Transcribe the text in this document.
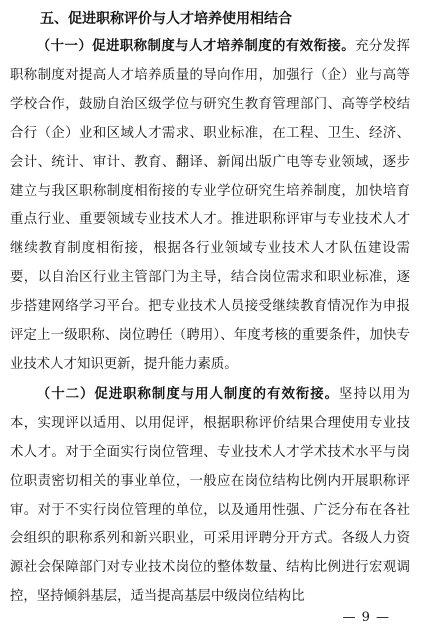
五、促进职称评价与人才培养使用相结合

（十一）促进职称制度与人才培养制度的有效衔接。充分发挥职称制度对提高人才培养质量的导向作用，加强行（企）业与高等学校合作，鼓励自治区级学位与研究生教育管理部门、高等学校结合行（企）业和区域人才需求、职业标准，在工程、卫生、经济、会计、统计、审计、教育、翻译、新闻出版广电等专业领域，逐步建立与我区职称制度相衔接的专业学位研究生培养制度，加快培育重点行业、重要领域专业技术人才。推进职称评审与专业技术人才继续教育制度相衔接，根据各行业领域专业技术人才队伍建设需要，以自治区行业主管部门为主导，结合岗位需求和职业标准，逐步搭建网络学习平台。把专业技术人员接受继续教育情况作为申报评定上一级职称、岗位聘任（聘用）、年度考核的重要条件，加快专业技术人才知识更新，提升能力素质。

（十二）促进职称制度与用人制度的有效衔接。坚持以用为本，实现评以适用、以用促评，根据职称评价结果合理使用专业技术人才。对于全面实行岗位管理、专业技术人才学术技术水平与岗位职责密切相关的事业单位，一般应在岗位结构比例内开展职称评审。对于不实行岗位管理的单位，以及通用性强、广泛分布在各社会组织的职称系列和新兴职业，可采用评聘分开方式。各级人力资源社会保障部门对专业技术岗位的整体数量、结构比例进行宏观调控，坚持倾斜基层，适当提高基层中级岗位结构比

— 9 —
